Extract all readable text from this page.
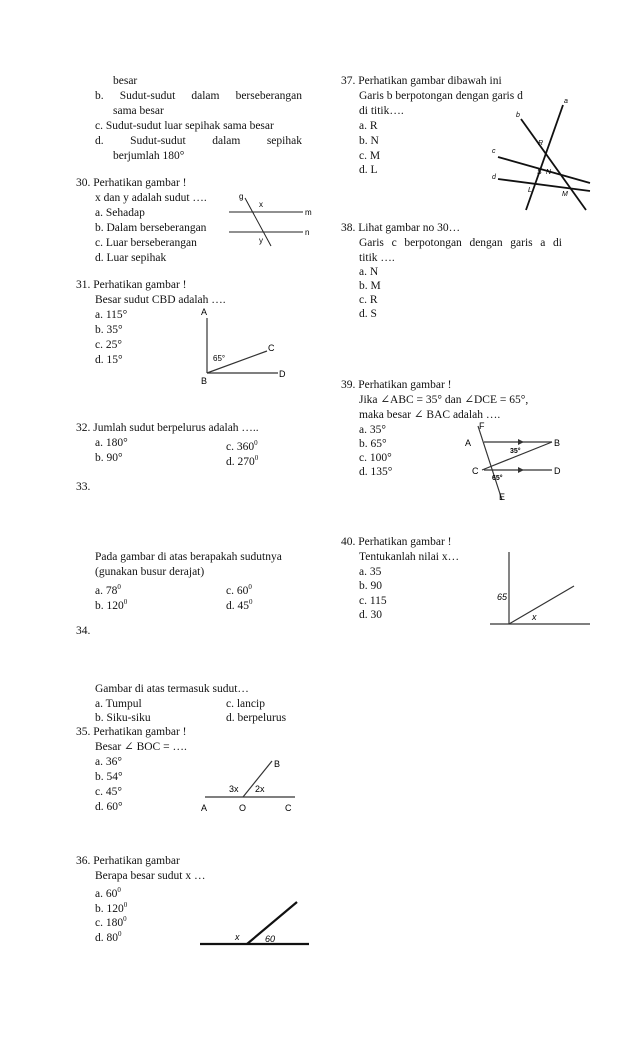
besar
b. Sudut-sudut dalam berseberangan
sama besar
c. Sudut-sudut luar sepihak sama besar
d. Sudut-sudut dalam sepihak
berjumlah 180°
30. Perhatikan gambar !
x dan y adalah sudut ….
a. Sehadap
b. Dalam berseberangan
c. Luar berseberangan
d. Luar sepihak
g
x
m
n
y
31. Perhatikan gambar !
Besar sudut CBD adalah ….
a. 115°
b. 35°
c. 25°
d. 15°
A
C
B
D
65°
32. Jumlah sudut berpelurus adalah …..
a. 180°	c. $360^0$
b. 90°	d. $270^0$
33.
Pada gambar di atas berapakah sudutnya
(gunakan busur derajat)
a. $78^0$	c. $60^0$
b. $120^0$	d. $45^0$
34.
Gambar di atas termasuk sudut…
a. Tumpul	c. lancip
b. Siku-siku	d. berpelurus
35. Perhatikan gambar !
Besar ∠ BOC = ….
a. 36°
b. 54°
c. 45°
d. 60°
B
3x 2x
A	O	C
36. Perhatikan gambar
Berapa besar sudut x …
a. $60^0$
b. $120^0$
c. $180^0$
d. $80^0$	x	60
37. Perhatikan gambar dibawah ini
Garis b berpotongan dengan garis d
di titik….
a. R
b. N
c. M
d. L
a
b
c
d
R
S N
L
M
38. Lihat gambar no 30…
Garis c berpotongan dengan garis a di
titik ….
a. N
b. M
c. R
d. S
39. Perhatikan gambar !
Jika ∠ABC = 35° dan ∠DCE = 65°,
maka besar ∠ BAC adalah ….
a. 35°
b. 65°
c. 100°
d. 135°
F
A	B
C	D
E
35°
65°
40. Perhatikan gambar !
Tentukanlah nilai x…
a. 35
b. 90
c. 115
d. 30
65
x
